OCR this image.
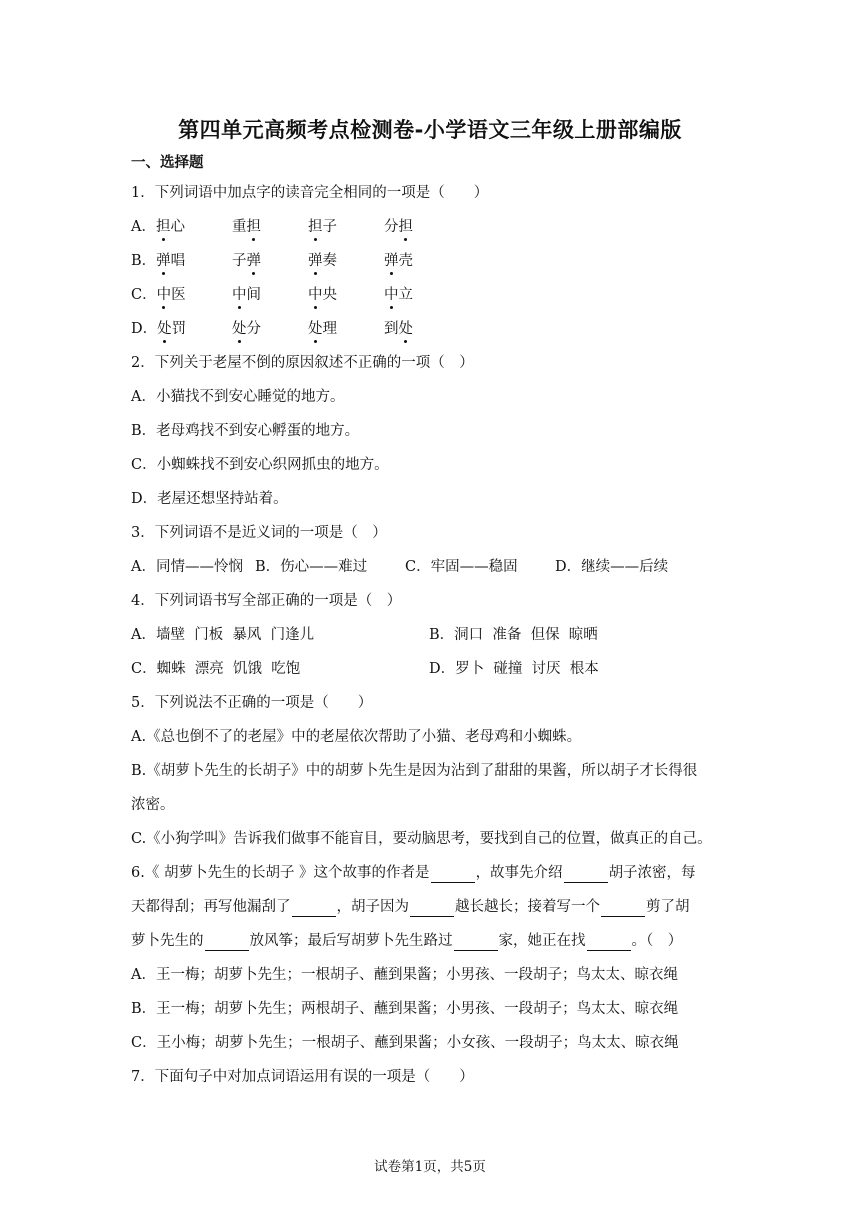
第四单元高频考点检测卷-小学语文三年级上册部编版
一、选择题
1．下列词语中加点字的读音完全相同的一项是（　　）
A．担心	重担	担子	分担
B．弹唱	子弹	弹奏	弹壳
C．中医	中间	中央	中立
D．处罚	处分	处理	到处
2．下列关于老屋不倒的原因叙述不正确的一项（　）
A．小猫找不到安心睡觉的地方。
B．老母鸡找不到安心孵蛋的地方。
C．小蜘蛛找不到安心织网抓虫的地方。
D．老屋还想坚持站着。
3．下列词语不是近义词的一项是（　）
A．同情——怜悯 B．伤心——难过	C．牢固——稳固	D．继续——后续
4．下列词语书写全部正确的一项是（　）
A．墙壁  门板  暴风  门逢儿	B．洞口  准备  但保  晾晒
C．蜘蛛  漂亮  饥饿  吃饱	D．罗卜  碰撞  讨厌  根本
5．下列说法不正确的一项是（　　）
A.《总也倒不了的老屋》中的老屋依次帮助了小猫、老母鸡和小蜘蛛。
B.《胡萝卜先生的长胡子》中的胡萝卜先生是因为沾到了甜甜的果酱，所以胡子才长得很
浓密。
C.《小狗学叫》告诉我们做事不能盲目，要动脑思考，要找到自己的位置，做真正的自己。
6.《 胡萝卜先生的长胡子 》这个故事的作者是	，故事先介绍	胡子浓密，每
天都得刮；再写他漏刮了	，胡子因为	越长越长；接着写一个	剪了胡
萝卜先生的	放风筝；最后写胡萝卜先生路过	家，她正在找	。（　）
A．王一梅；胡萝卜先生；一根胡子、蘸到果酱；小男孩、一段胡子；鸟太太、晾衣绳
B．王一梅；胡萝卜先生；两根胡子、蘸到果酱；小男孩、一段胡子；鸟太太、晾衣绳
C．王小梅；胡萝卜先生；一根胡子、蘸到果酱；小女孩、一段胡子；鸟太太、晾衣绳
7．下面句子中对加点词语运用有误的一项是（　　）
试卷第1页，共5页
